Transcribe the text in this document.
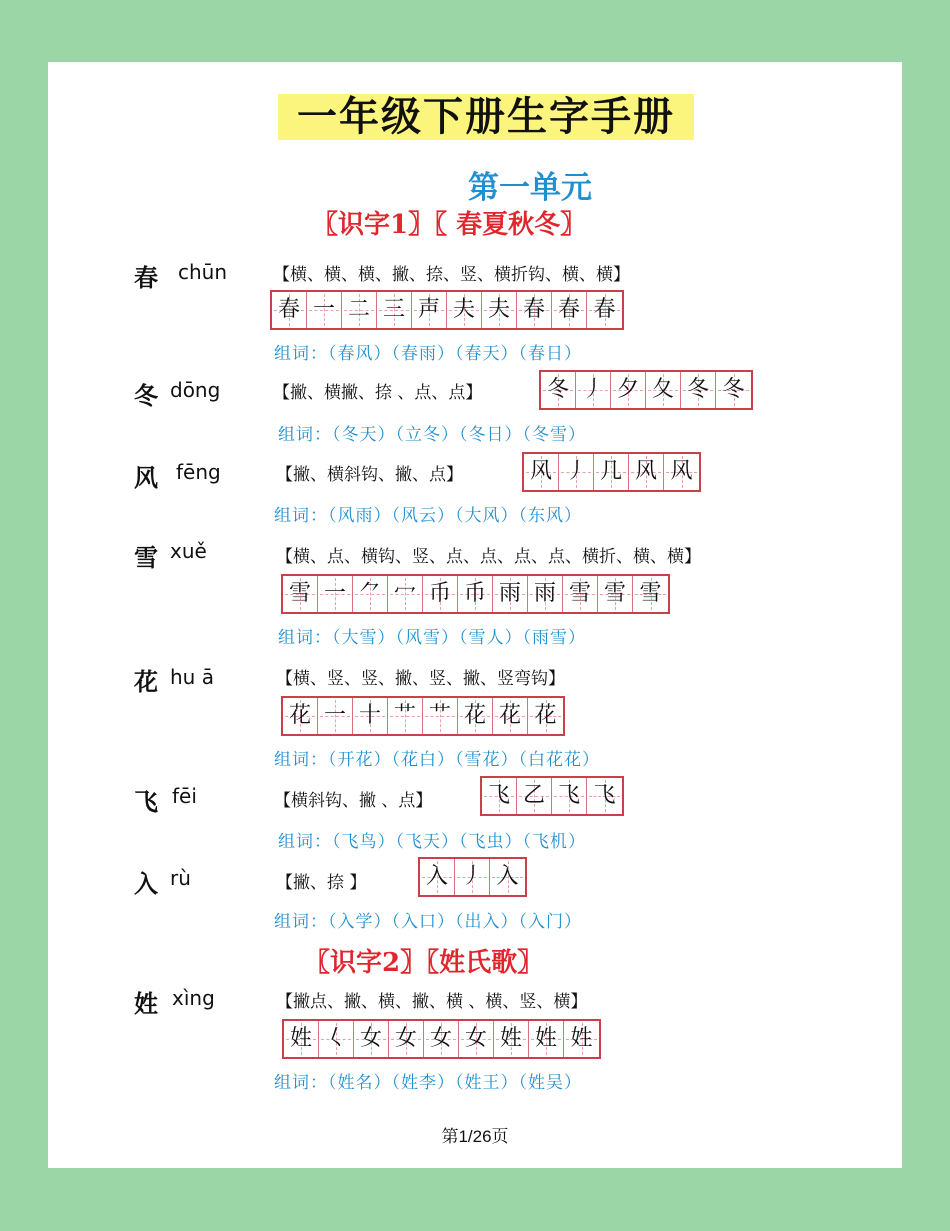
一年级下册生字手册
第一单元
〖识字1〗〖 春夏秋冬〗
春 chūn	【横、横、横、撇、捺、竖、横折钩、横、横】
春 一 二 三 声 夫 夫 春 春 春
组词：（春风）（春雨）（春天）（春日）
冬 dōng	【撇、横撇、捺 、点、点】	冬 丿 夕 夂 冬 冬
组词：（冬天）（立冬）（冬日）（冬雪）
风 fēng	【撇、横斜钩、撇、点】	风 丿 几 风 风
组词：（风雨）（风云）（大风）（东风）
雪 xuě	【横、点、横钩、竖、点、点、点、点、横折、横、横】
雪 一 ⺈ 冖 币 币 雨 雨 雪 雪 雪
组词：（大雪）（风雪）（雪人）（雨雪）
花 hu ā	【横、竖、竖、撇、竖、撇、竖弯钩】
花 一 十 艹 艹 花 花 花
组词：（开花）（花白）（雪花）（白花花）
飞 fēi	【横斜钩、撇 、点】	飞 乙 飞 飞
组词：（飞鸟）（飞天）（飞虫）（飞机）
入 rù	【撇、捺 】	入 丿 入
组词：（入学）（入口）（出入）（入门）
〖识字2〗〖姓氏歌〗
姓 xìng	【撇点、撇、横、撇、横 、横、竖、横】
姓 𡿨 女 女 女 女 姓 姓 姓
组词：（姓名）（姓李）（姓王）（姓吴）
第1/26页
